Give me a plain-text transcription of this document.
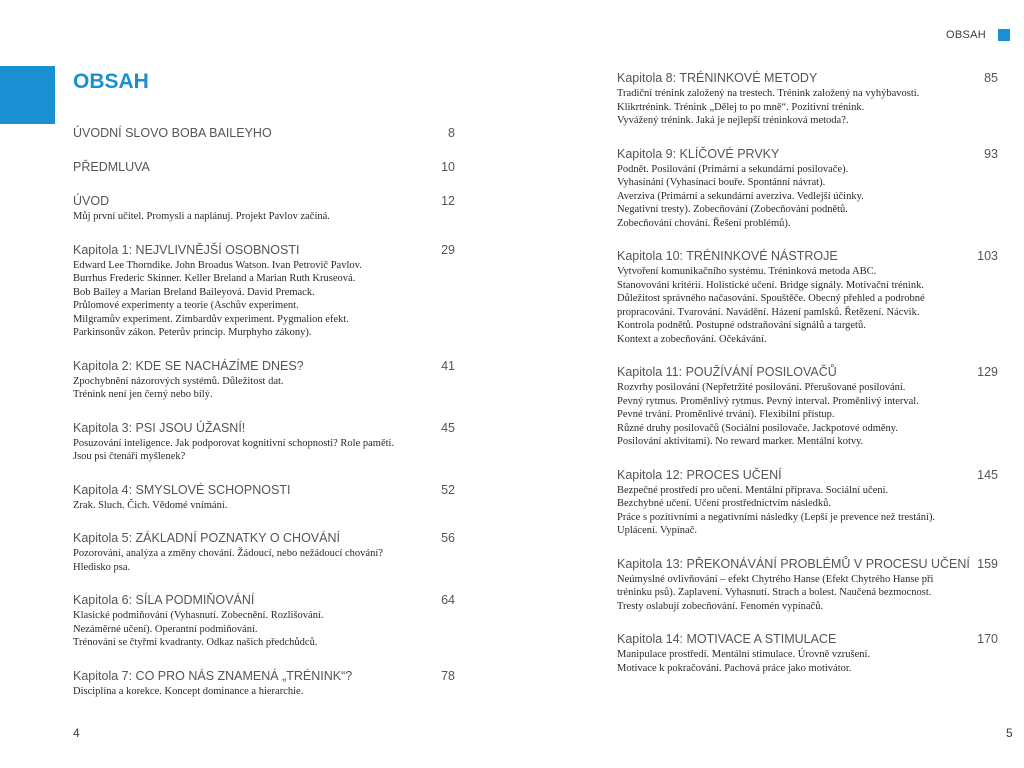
OBSAH
OBSAH
ÚVODNÍ SLOVO BOBA BAILEYHO	8
PŘEDMLUVA	10
ÚVOD	12
Můj první učitel. Promysli a naplánuj. Projekt Pavlov začíná.
Kapitola 1: NEJVLIVNĚJŠÍ OSOBNOSTI	29
Edward Lee Thorndike. John Broadus Watson. Ivan Petrovič Pavlov.
Burrhus Frederic Skinner. Keller Breland a Marian Ruth Kruseová.
Bob Bailey a Marian Breland Baileyová. David Premack.
Průlomové experimenty a teorie (Aschův experiment.
Milgramův experiment. Zimbardův experiment. Pygmalion efekt.
Parkinsonův zákon. Peterův princip. Murphyho zákony).
Kapitola 2: KDE SE NACHÁZÍME DNES?	41
Zpochybnění názorových systémů. Důležitost dat.
Trénink není jen černý nebo bílý.
Kapitola 3: PSI JSOU ÚŽASNÍ!	45
Posuzování inteligence. Jak podporovat kognitivní schopnosti? Role paměti.
Jsou psi čtenáři myšlenek?
Kapitola 4: SMYSLOVÉ SCHOPNOSTI	52
Zrak. Sluch. Čich. Vědomé vnímání.
Kapitola 5: ZÁKLADNÍ POZNATKY O CHOVÁNÍ	56
Pozorování, analýza a změny chování. Žádoucí, nebo nežádoucí chování?
Hledisko psa.
Kapitola 6: SÍLA PODMIŇOVÁNÍ	64
Klasické podmiňování (Vyhasnutí. Zobecnění. Rozlišování.
Nezáměrné učení). Operantní podmiňování.
Trénování se čtyřmi kvadranty. Odkaz našich předchůdců.
Kapitola 7: CO PRO NÁS ZNAMENÁ „TRÉNINK“?	78
Disciplína a korekce. Koncept dominance a hierarchie.
Kapitola 8: TRÉNINKOVÉ METODY	85
Tradiční trénink založený na trestech. Trénink založený na vyhýbavosti.
Klikrtrénink. Trénink „Dělej to po mně“. Pozitivní trénink.
Vyvážený trénink. Jaká je nejlepší tréninková metoda?.
Kapitola 9: KLÍČOVÉ PRVKY	93
Podnět. Posilování (Primární a sekundární posilovače).
Vyhasínání (Vyhasínací bouře. Spontánní návrat).
Averziva (Primární a sekundární averziva. Vedlejší účinky.
Negativní tresty). Zobecňování (Zobecňování podnětů.
Zobecňování chování. Řešení problémů).
Kapitola 10: TRÉNINKOVÉ NÁSTROJE	103
Vytvoření komunikačního systému. Tréninková metoda ABC.
Stanovování kritérií. Holistické učení. Bridge signály. Motivační trénink.
Důležitost správného načasování. Spouštěče. Obecný přehled a podrobné
propracování. Tvarování. Navádění. Házení pamlsků. Řetězení. Nácvik.
Kontrola podnětů. Postupné odstraňování signálů a targetů.
Kontext a zobecňování. Očekávání.
Kapitola 11: POUŽÍVÁNÍ POSILOVAČŮ	129
Rozvrhy posilování (Nepřetržité posilování. Přerušované posilování.
Pevný rytmus. Proměnlivý rytmus. Pevný interval. Proměnlivý interval.
Pevné trvání. Proměnlivé trvání). Flexibilní přístup.
Různé druhy posilovačů (Sociální posilovače. Jackpotové odměny.
Posilování aktivitami). No reward marker. Mentální kotvy.
Kapitola 12: PROCES UČENÍ	145
Bezpečné prostředí pro učení. Mentální příprava. Sociální učení.
Bezchybné učení. Učení prostřednictvím následků.
Práce s pozitivními a negativními následky (Lepší je prevence než trestání).
Uplácení. Vypínač.
Kapitola 13: PŘEKONÁVÁNÍ PROBLÉMŮ V PROCESU UČENÍ 159
Neúmyslné ovlivňování – efekt Chytrého Hanse (Efekt Chytrého Hanse při
tréninku psů). Zaplavení. Vyhasnutí. Strach a bolest. Naučená bezmocnost.
Tresty oslabují zobecňování. Fenomén vypínačů.
Kapitola 14: MOTIVACE A STIMULACE	170
Manipulace prostředí. Mentální stimulace. Úrovně vzrušení.
Motivace k pokračování. Pachová práce jako motivátor.
4	5
